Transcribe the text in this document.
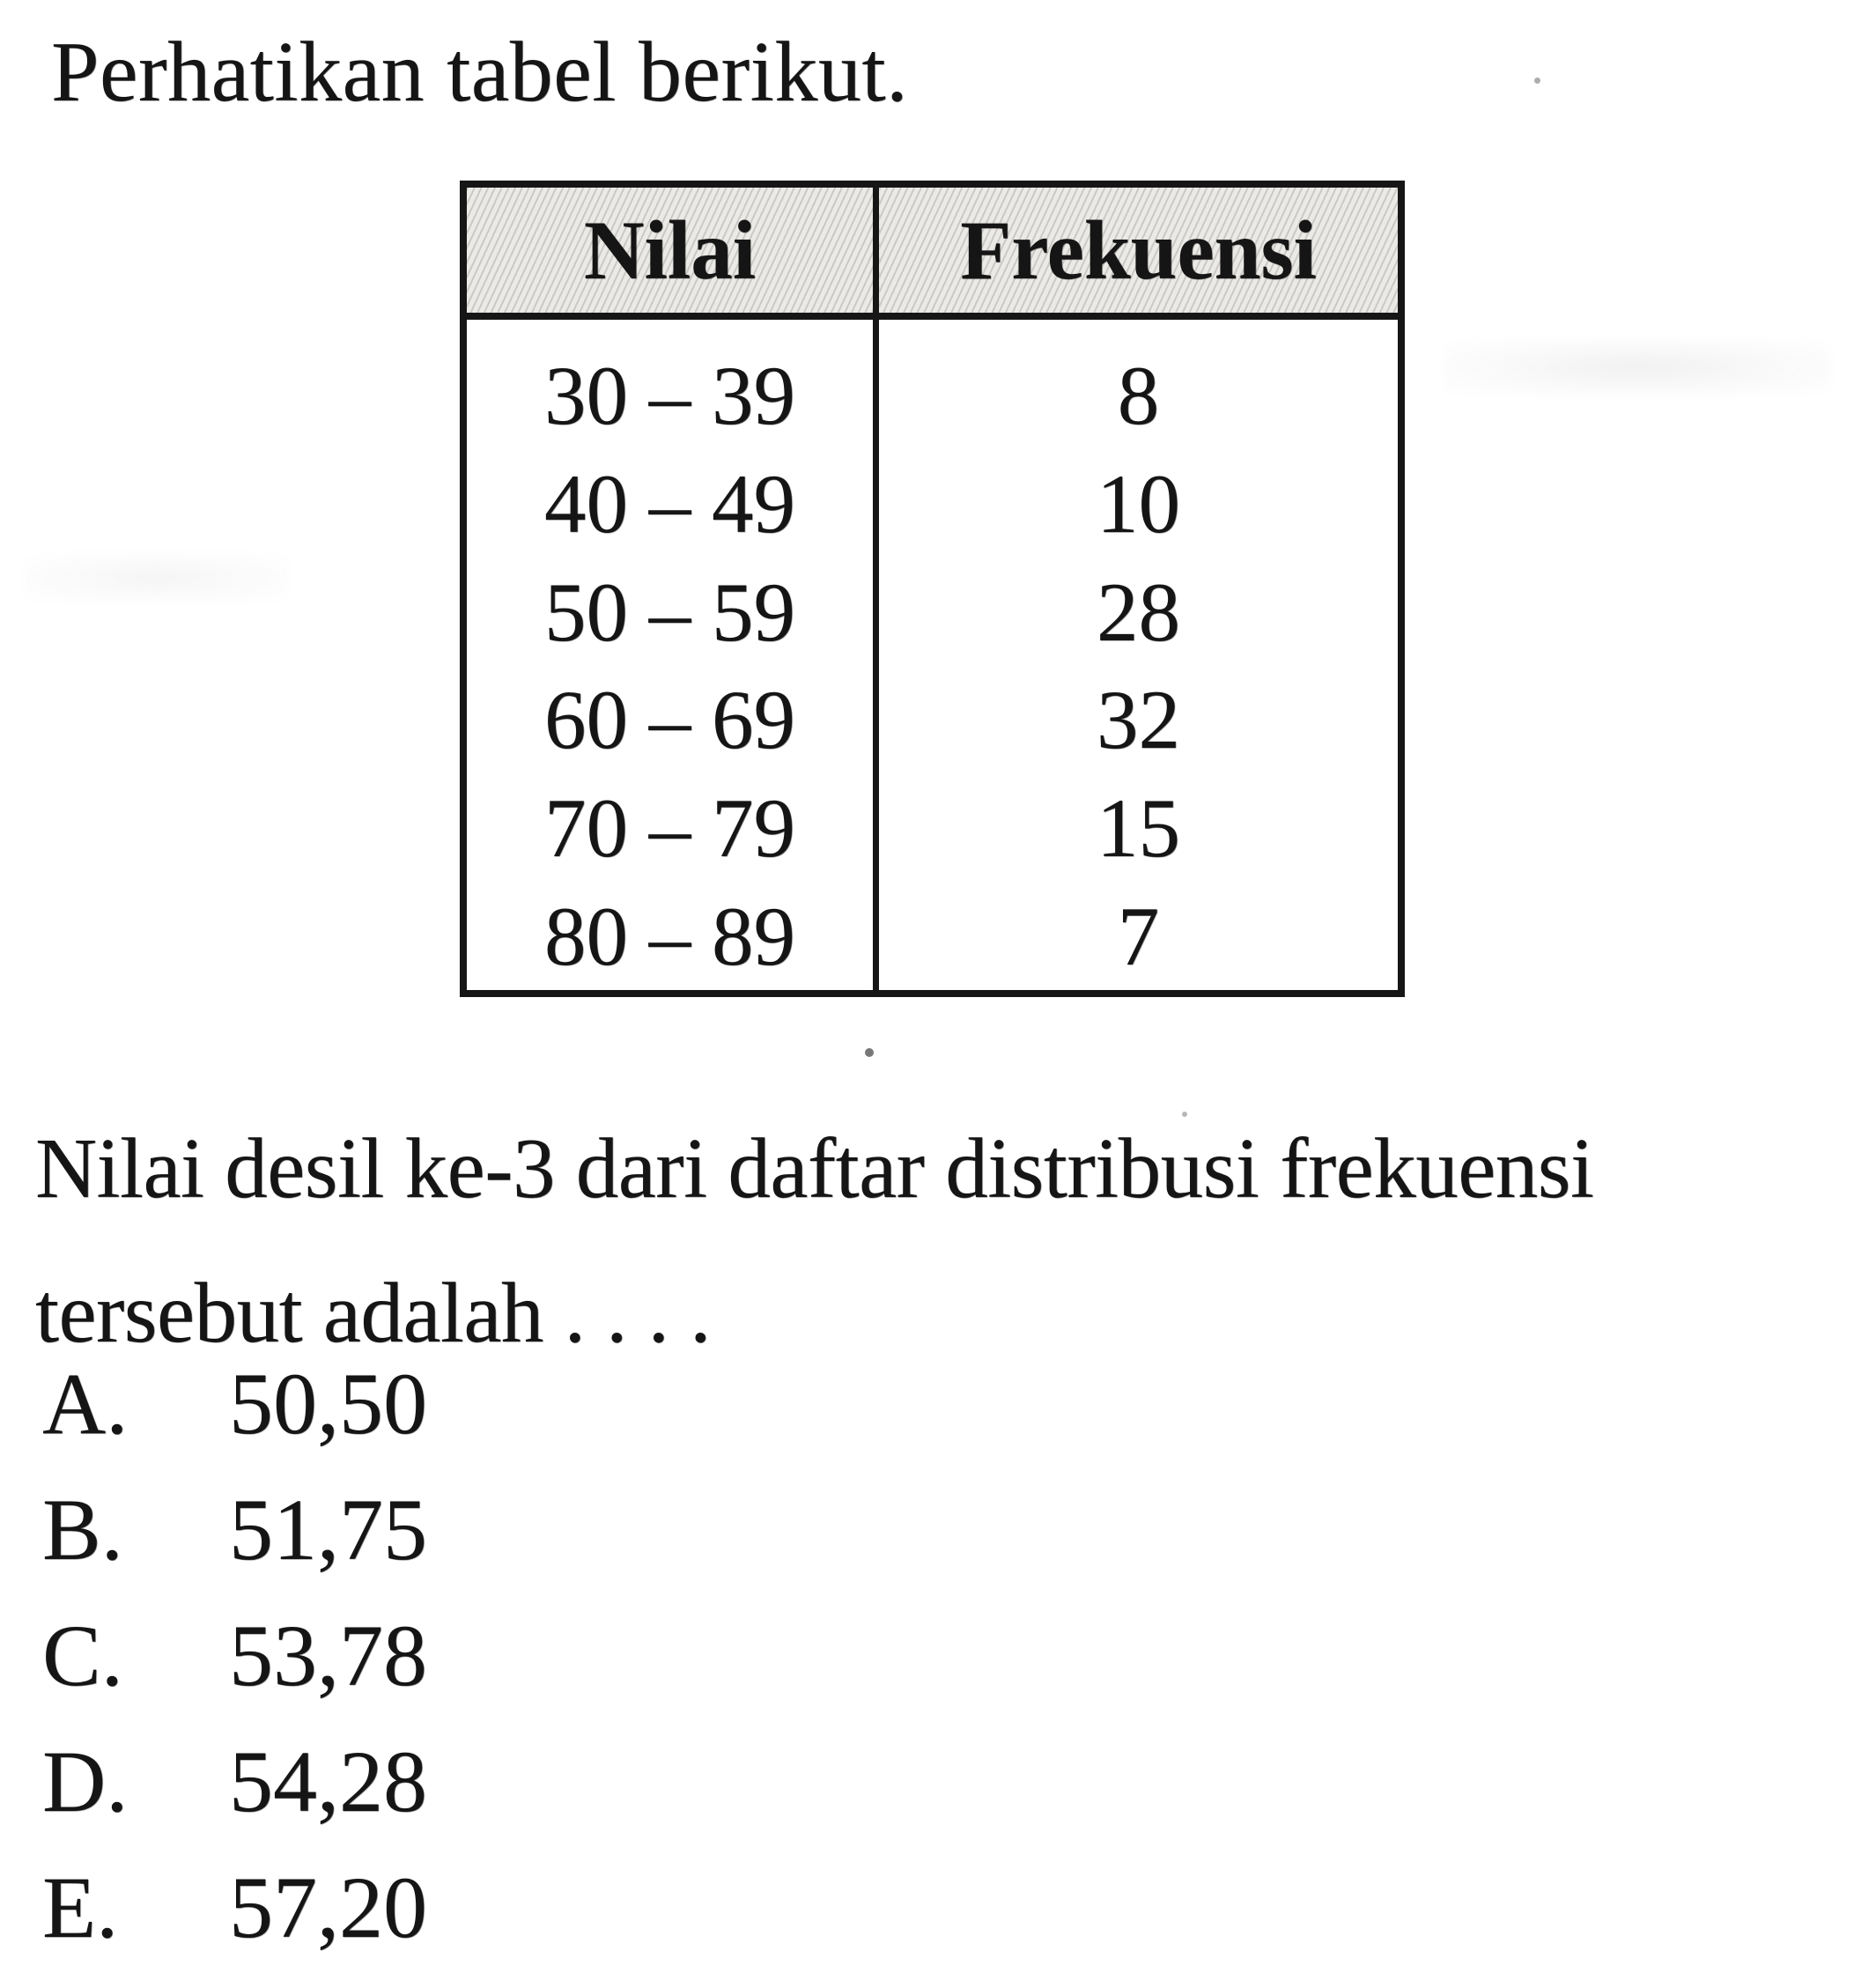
Perhatikan tabel berikut.
Nilai	Frekuensi
30 – 39	8
40 – 49	10
50 – 59	28
60 – 69	32
70 – 79	15
80 – 89	7
Nilai desil ke-3 dari daftar distribusi frekuensi
tersebut adalah . . . .
A.	50,50
B.	51,75
C.	53,78
D.	54,28
E.	57,20
